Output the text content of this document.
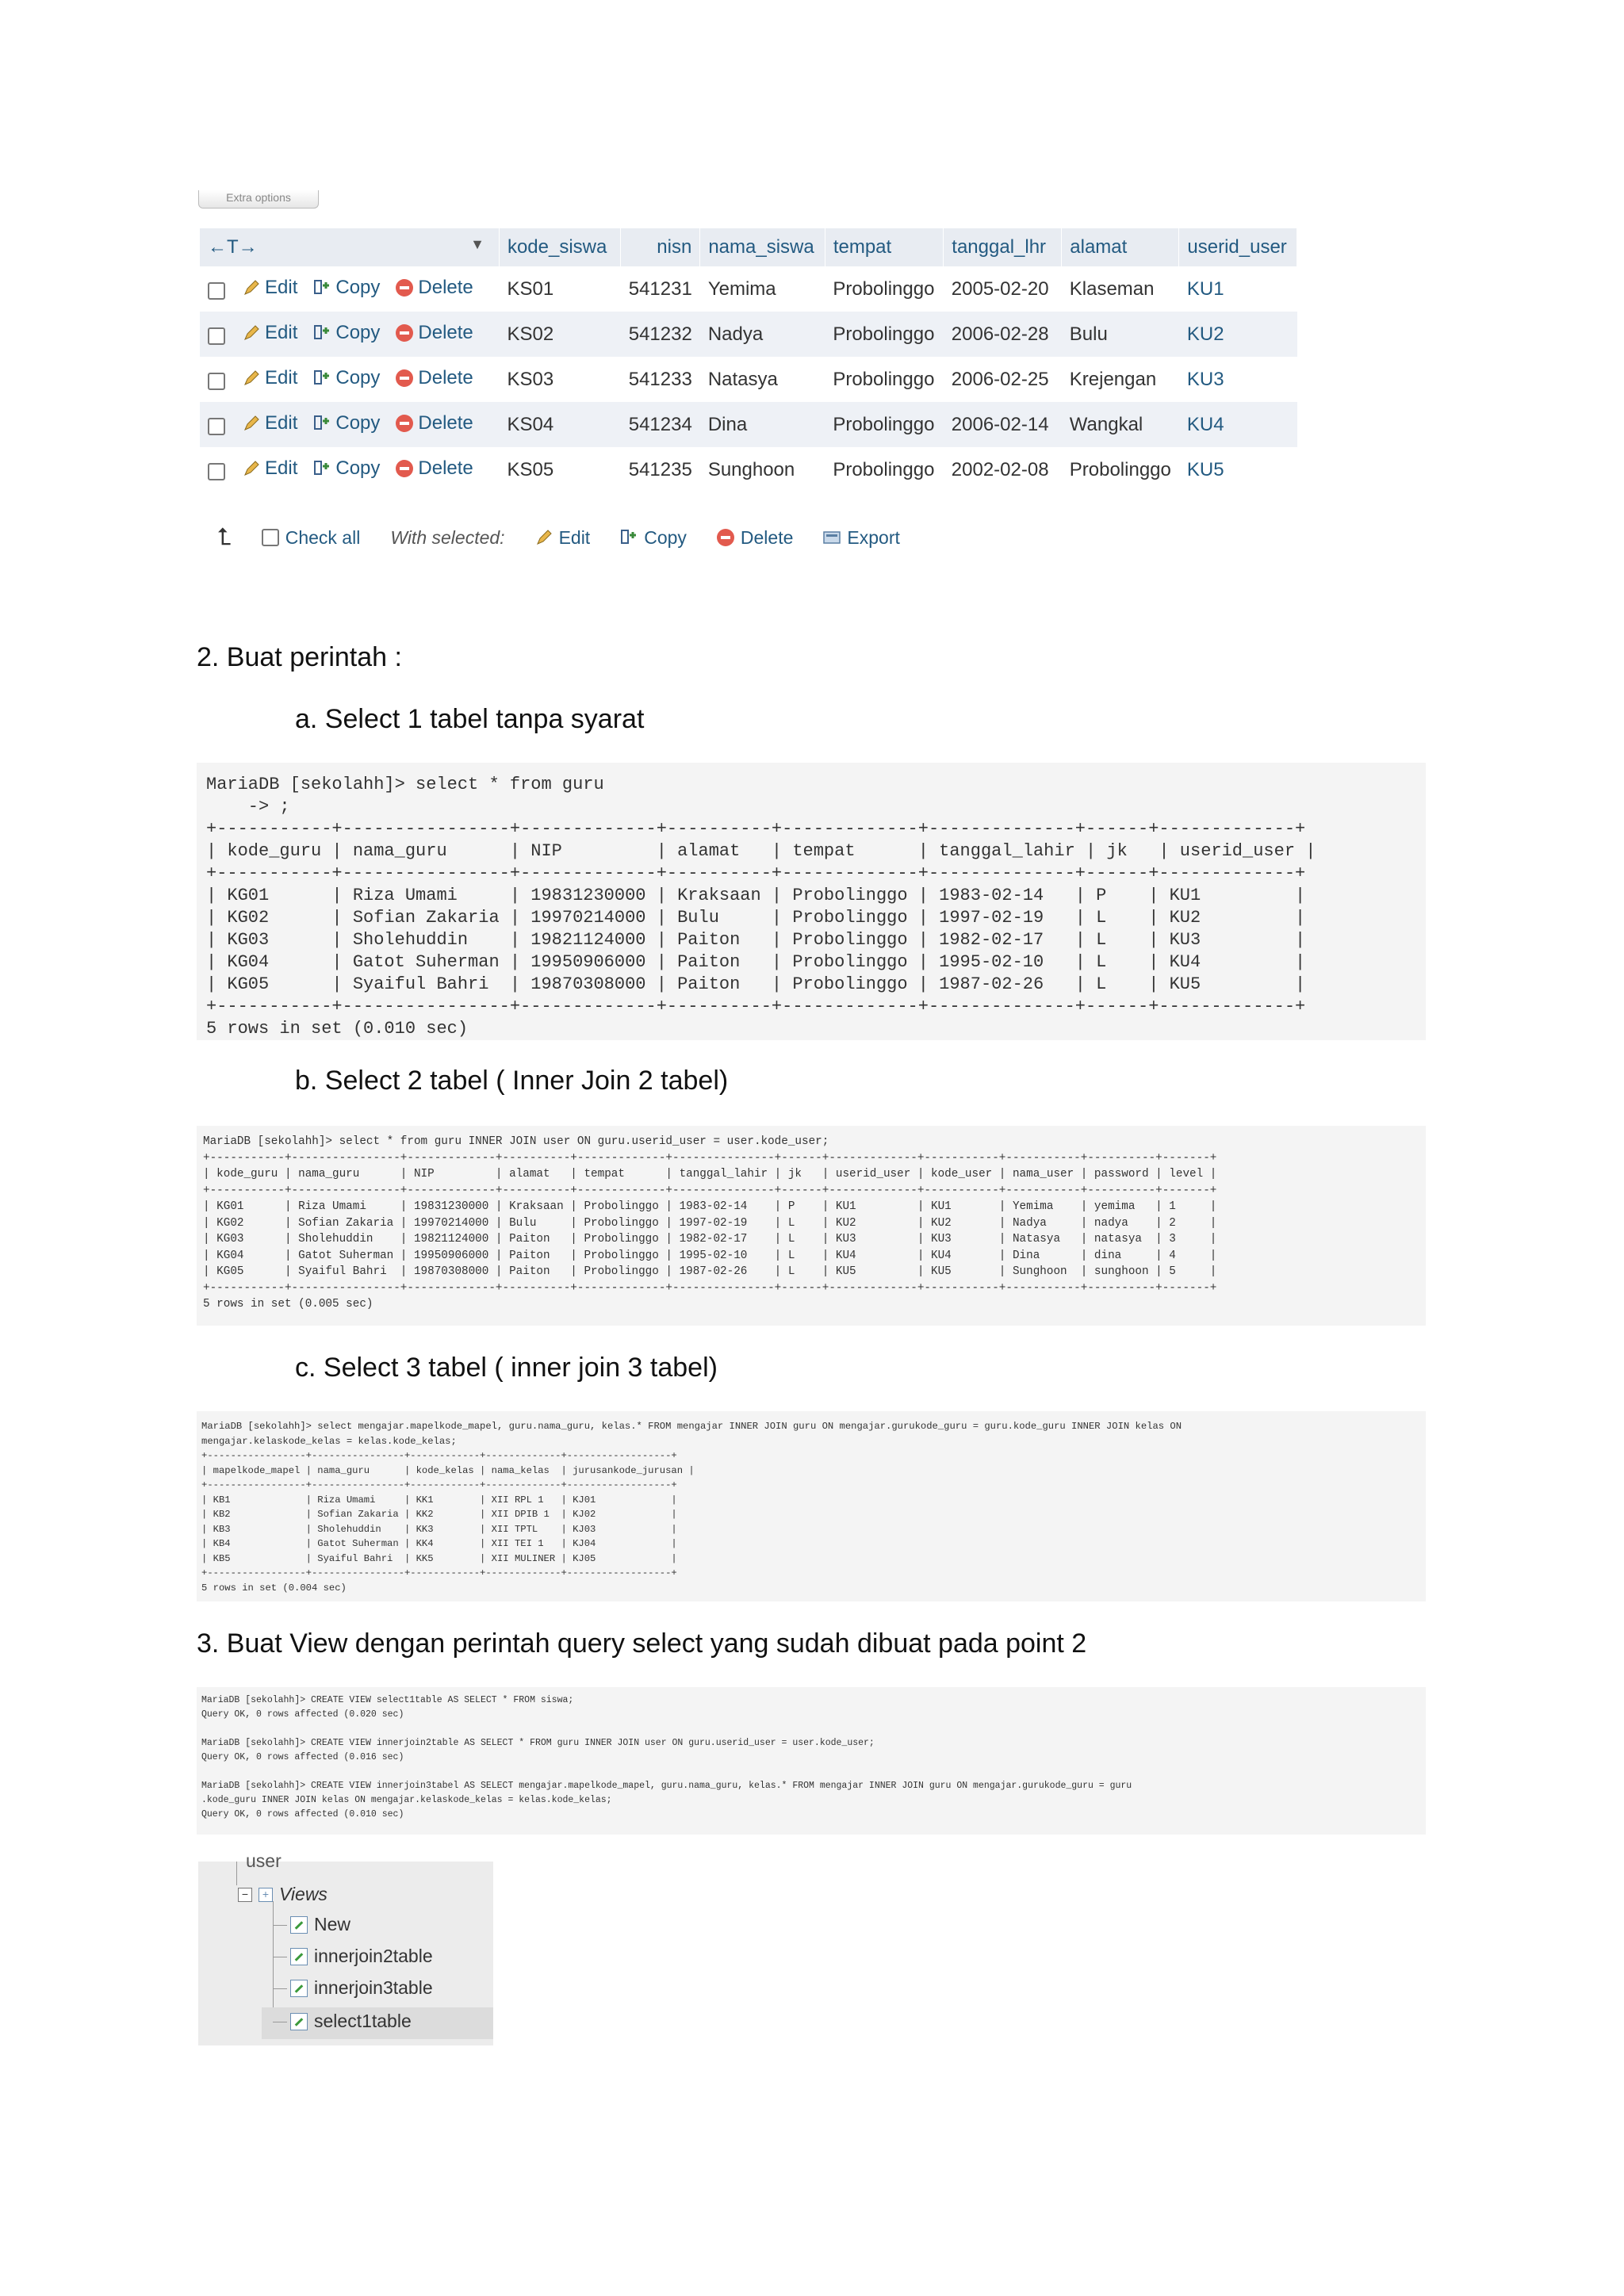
Extra options
←T→ ▼	kode_siswa	nisn	nama_siswa	tempat	tanggal_lhr	alamat	userid_user

Edit Copy Delete	KS01	541231	Yemima	Probolinggo	2005-02-20	Klaseman	KU1

Edit Copy Delete	KS02	541232	Nadya	Probolinggo	2006-02-28	Bulu	KU2

Edit Copy Delete	KS03	541233	Natasya	Probolinggo	2006-02-25	Krejengan	KU3

Edit Copy Delete	KS04	541234	Dina	Probolinggo	2006-02-14	Wangkal	KU4

Edit Copy Delete	KS05	541235	Sunghoon	Probolinggo	2002-02-08	Probolinggo	KU5
⮤	Check all With selected:	Edit	Copy	Delete	Export
2. Buat perintah :
a. Select 1 tabel tanpa syarat
MariaDB [sekolahh]> select * from guru
-> ;
+-----------+----------------+-------------+----------+-------------+--------------+------+-------------+
| kode_guru | nama_guru      | NIP         | alamat   | tempat      | tanggal_lahir | jk   | userid_user |
+-----------+----------------+-------------+----------+-------------+--------------+------+-------------+
| KG01      | Riza Umami     | 19831230000 | Kraksaan | Probolinggo | 1983-02-14   | P    | KU1         |
| KG02      | Sofian Zakaria | 19970214000 | Bulu     | Probolinggo | 1997-02-19   | L    | KU2         |
| KG03      | Sholehuddin    | 19821124000 | Paiton   | Probolinggo | 1982-02-17   | L    | KU3         |
| KG04      | Gatot Suherman | 19950906000 | Paiton   | Probolinggo | 1995-02-10   | L    | KU4         |
| KG05      | Syaiful Bahri  | 19870308000 | Paiton   | Probolinggo | 1987-02-26   | L    | KU5         |
+-----------+----------------+-------------+----------+-------------+--------------+------+-------------+
5 rows in set (0.010 sec)
b. Select 2 tabel ( Inner Join 2 tabel)
MariaDB [sekolahh]> select * from guru INNER JOIN user ON guru.userid_user = user.kode_user;
+-----------+----------------+-------------+----------+-------------+---------------+------+-------------+-----------+-----------+----------+-------+
| kode_guru | nama_guru      | NIP         | alamat   | tempat      | tanggal_lahir | jk   | userid_user | kode_user | nama_user | password | level |
+-----------+----------------+-------------+----------+-------------+---------------+------+-------------+-----------+-----------+----------+-------+
| KG01      | Riza Umami     | 19831230000 | Kraksaan | Probolinggo | 1983-02-14    | P    | KU1         | KU1       | Yemima    | yemima   | 1     |
| KG02      | Sofian Zakaria | 19970214000 | Bulu     | Probolinggo | 1997-02-19    | L    | KU2         | KU2       | Nadya     | nadya    | 2     |
| KG03      | Sholehuddin    | 19821124000 | Paiton   | Probolinggo | 1982-02-17    | L    | KU3         | KU3       | Natasya   | natasya  | 3     |
| KG04      | Gatot Suherman | 19950906000 | Paiton   | Probolinggo | 1995-02-10    | L    | KU4         | KU4       | Dina      | dina     | 4     |
| KG05      | Syaiful Bahri  | 19870308000 | Paiton   | Probolinggo | 1987-02-26    | L    | KU5         | KU5       | Sunghoon  | sunghoon | 5     |
+-----------+----------------+-------------+----------+-------------+---------------+------+-------------+-----------+-----------+----------+-------+
5 rows in set (0.005 sec)
c. Select 3 tabel ( inner join 3 tabel)
MariaDB [sekolahh]> select mengajar.mapelkode_mapel, guru.nama_guru, kelas.* FROM mengajar INNER JOIN guru ON mengajar.gurukode_guru = guru.kode_guru INNER JOIN kelas ON
mengajar.kelaskode_kelas = kelas.kode_kelas;
+-----------------+----------------+------------+-------------+------------------+
| mapelkode_mapel | nama_guru      | kode_kelas | nama_kelas  | jurusankode_jurusan |
+-----------------+----------------+------------+-------------+------------------+
| KB1             | Riza Umami     | KK1        | XII RPL 1   | KJ01             |
| KB2             | Sofian Zakaria | KK2        | XII DPIB 1  | KJ02             |
| KB3             | Sholehuddin    | KK3        | XII TPTL    | KJ03             |
| KB4             | Gatot Suherman | KK4        | XII TEI 1   | KJ04             |
| KB5             | Syaiful Bahri  | KK5        | XII MULINER | KJ05             |
+-----------------+----------------+------------+-------------+------------------+
5 rows in set (0.004 sec)
3. Buat View dengan perintah query select yang sudah dibuat pada point 2
MariaDB [sekolahh]> CREATE VIEW select1table AS SELECT * FROM siswa;
Query OK, 0 rows affected (0.020 sec)

MariaDB [sekolahh]> CREATE VIEW innerjoin2table AS SELECT * FROM guru INNER JOIN user ON guru.userid_user = user.kode_user;
Query OK, 0 rows affected (0.016 sec)

MariaDB [sekolahh]> CREATE VIEW innerjoin3tabel AS SELECT mengajar.mapelkode_mapel, guru.nama_guru, kelas.* FROM mengajar INNER JOIN guru ON mengajar.gurukode_guru = guru
.kode_guru INNER JOIN kelas ON mengajar.kelaskode_kelas = kelas.kode_kelas;
Query OK, 0 rows affected (0.010 sec)
user
−	+ Views
New
innerjoin2table
innerjoin3table
select1table
